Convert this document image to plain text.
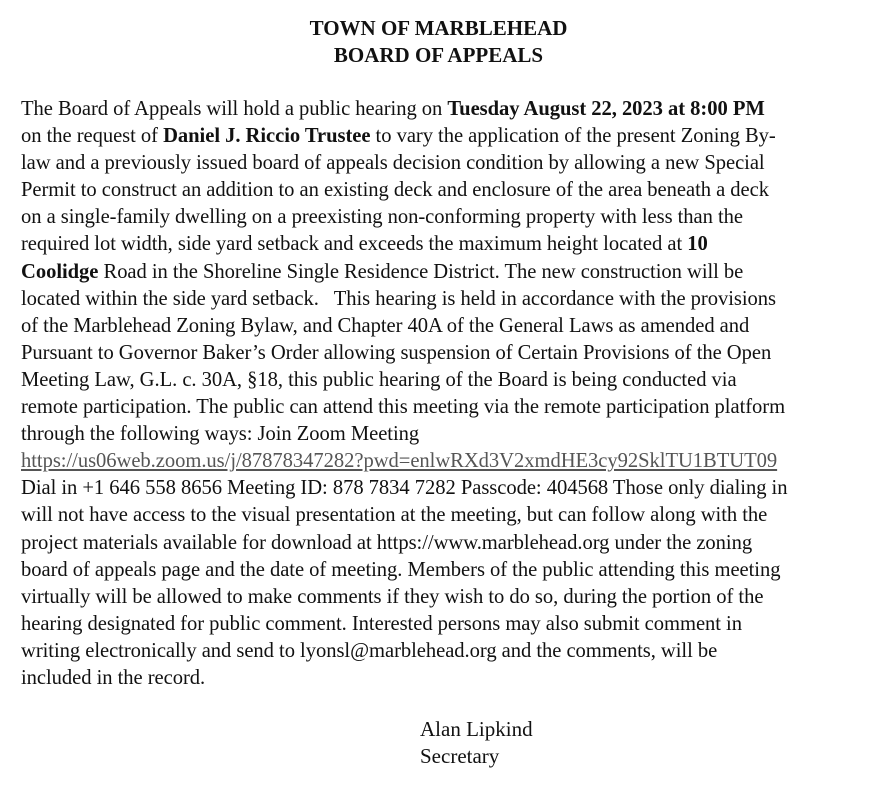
TOWN OF MARBLEHEAD
BOARD OF APPEALS
The Board of Appeals will hold a public hearing on Tuesday August 22, 2023 at 8:00 PM
on the request of Daniel J. Riccio Trustee to vary the application of the present Zoning By-
law and a previously issued board of appeals decision condition by allowing a new Special
Permit to construct an addition to an existing deck and enclosure of the area beneath a deck
on a single-family dwelling on a preexisting non-conforming property with less than the
required lot width, side yard setback and exceeds the maximum height located at 10
Coolidge Road in the Shoreline Single Residence District. The new construction will be
located within the side yard setback.   This hearing is held in accordance with the provisions
of the Marblehead Zoning Bylaw, and Chapter 40A of the General Laws as amended and
Pursuant to Governor Baker’s Order allowing suspension of Certain Provisions of the Open
Meeting Law, G.L. c. 30A, §18, this public hearing of the Board is being conducted via
remote participation. The public can attend this meeting via the remote participation platform
through the following ways: Join Zoom Meeting
https://us06web.zoom.us/j/87878347282?pwd=enlwRXd3V2xmdHE3cy92SklTU1BTUT09
Dial in +1 646 558 8656 Meeting ID: 878 7834 7282 Passcode: 404568 Those only dialing in
will not have access to the visual presentation at the meeting, but can follow along with the
project materials available for download at https://www.marblehead.org under the zoning
board of appeals page and the date of meeting. Members of the public attending this meeting
virtually will be allowed to make comments if they wish to do so, during the portion of the
hearing designated for public comment. Interested persons may also submit comment in
writing electronically and send to lyonsl@marblehead.org and the comments, will be
included in the record.
Alan Lipkind
Secretary
